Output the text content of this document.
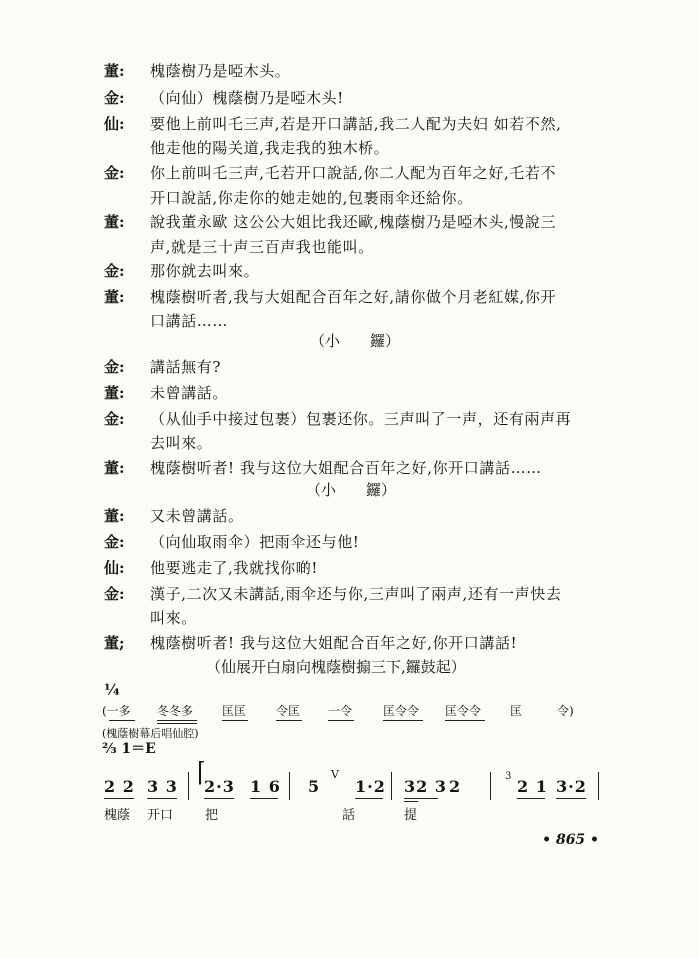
董: 槐蔭樹乃是啞木头。
金: （向仙）槐蔭樹乃是啞木头!
仙: 要他上前叫乇三声,若是开口講話,我二人配为夫妇 如若不然,
他走他的陽关道,我走我的独木桥。
金: 你上前叫乇三声,乇若开口說話,你二人配为百年之好,乇若不
开口說話,你走你的她走她的,包裹雨伞还給你。
董: 說我董永歐 这公公大姐比我还歐,槐蔭樹乃是啞木头,慢說三
声,就是三十声三百声我也能叫。
金: 那你就去叫來。
董: 槐蔭樹听者,我与大姐配合百年之好,請你做个月老紅媒,你开
口講話……
（小　　鑼）
金: 講話無有?
董: 未曾講話。
金: （从仙手中接过包裹）包裹还你。三声叫了一声，还有兩声再
去叫來。
董: 槐蔭樹听者! 我与这位大姐配合百年之好,你开口講話……
（小　　鑼）
董: 又未曾講話。
金: （向仙取雨伞）把雨伞还与他!
仙: 他要逃走了,我就找你啲!
金: 漢子,二次又未講話,雨伞还与你,三声叫了兩声,还有一声快去
叫來。
董; 槐蔭樹听者! 我与这位大姐配合百年之好,你开口講話!
（仙展开白扇向槐蔭樹搧三下,鑼鼓起）
¼
(一多 冬冬多 匡匡 令匡 一令	匡令令 匡令令 匡	令)
(槐蔭樹幕后唱仙腔)
⅔ 1＝E
2 2 3 3 ⌈
2·3 1 6 5
V
1·2 32 3 2
3
2 1 3·2
槐蔭 开口 把	話	提
• 865 •
